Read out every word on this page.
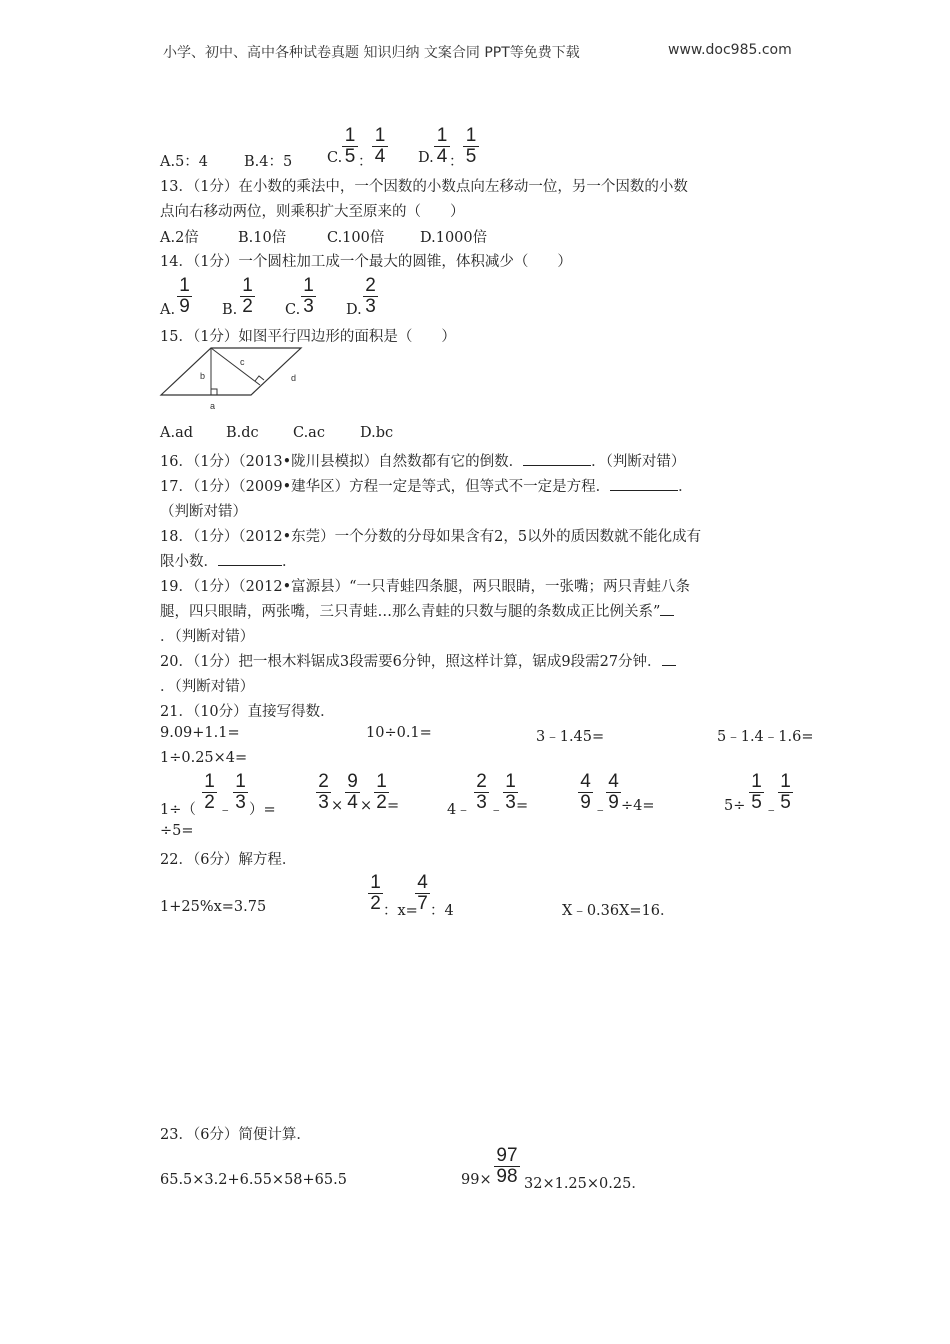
小学、初中、高中各种试卷真题 知识归纳 文案合同 PPT等免费下载	www.doc985.com
A.5：4 B.4：5 C.
1
5 ：
1
4 D.
1
4 ：
1
5
13．（1分）在小数的乘法中，一个因数的小数点向左移动一位，另一个因数的小数
点向右移动两位，则乘积扩大至原来的（　　）
A.2倍	B.10倍	C.100倍 D.1000倍
14．（1分）一个圆柱加工成一个最大的圆锥，体积减少（　　）
A.
1
9 B.
1
2 C.
1
3 D.
2
3
15．（1分）如图平行四边形的面积是（　　）
b
c
d
a
A.ad B.dc C.ac D.bc
16．（1分）（2013•陇川县模拟）自然数都有它的倒数．	．（判断对错）
17．（1分）（2009•建华区）方程一定是等式，但等式不一定是方程．	．
（判断对错）
18．（1分）（2012•东莞）一个分数的分母如果含有2，5以外的质因数就不能化成有
限小数．	．
19．（1分）（2012•富源县）“一只青蛙四条腿，两只眼睛，一张嘴；两只青蛙八条
腿，四只眼睛，两张嘴，三只青蛙…那么青蛙的只数与腿的条数成正比例关系”
．（判断对错）
20．（1分）把一根木料锯成3段需要6分钟，照这样计算，锯成9段需27分钟．
．（判断对错）
21．（10分）直接写得数．
9.09+1.1=	10÷0.1=	3﹣1.45=	5﹣1.4﹣1.6=
1÷0.25×4=
1÷（
1
2 ﹣
1
3 ）=
2
3 ×
9
4 ×
1
2 =	4﹣
2
3 ﹣
1
3 =
4
9 ﹣
4
9 ÷4=	5÷
1
5 ﹣
1
5
÷5=
22．（6分）解方程．
1+25%x=3.75
1
2 ：x=
4
7 ：4	X﹣0.36X=16．
23．（6分）简便计算．
65.5×3.2+6.55×58+65.5	99×
97
98 32×1.25×0.25．
